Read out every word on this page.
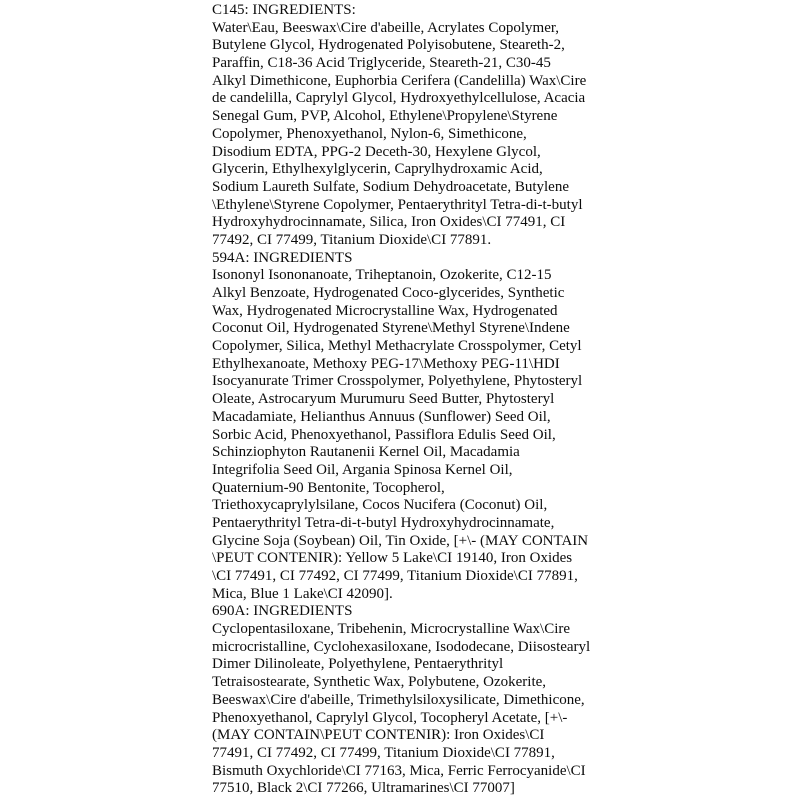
C145: INGREDIENTS:
Water\Eau, Beeswax\Cire d'abeille, Acrylates Copolymer,
Butylene Glycol, Hydrogenated Polyisobutene, Steareth-2,
Paraffin, C18-36 Acid Triglyceride, Steareth-21, C30-45
Alkyl Dimethicone, Euphorbia Cerifera (Candelilla) Wax\Cire
de candelilla, Caprylyl Glycol, Hydroxyethylcellulose, Acacia
Senegal Gum, PVP, Alcohol, Ethylene\Propylene\Styrene
Copolymer, Phenoxyethanol, Nylon-6, Simethicone,
Disodium EDTA, PPG-2 Deceth-30, Hexylene Glycol,
Glycerin, Ethylhexylglycerin, Caprylhydroxamic Acid,
Sodium Laureth Sulfate, Sodium Dehydroacetate, Butylene
\Ethylene\Styrene Copolymer, Pentaerythrityl Tetra-di-t-butyl
Hydroxyhydrocinnamate, Silica, Iron Oxides\CI 77491, CI
77492, CI 77499, Titanium Dioxide\CI 77891.
594A: INGREDIENTS
Isononyl Isononanoate, Triheptanoin, Ozokerite, C12-15
Alkyl Benzoate, Hydrogenated Coco-glycerides, Synthetic
Wax, Hydrogenated Microcrystalline Wax, Hydrogenated
Coconut Oil, Hydrogenated Styrene\Methyl Styrene\Indene
Copolymer, Silica, Methyl Methacrylate Crosspolymer, Cetyl
Ethylhexanoate, Methoxy PEG-17\Methoxy PEG-11\HDI
Isocyanurate Trimer Crosspolymer, Polyethylene, Phytosteryl
Oleate, Astrocaryum Murumuru Seed Butter, Phytosteryl
Macadamiate, Helianthus Annuus (Sunflower) Seed Oil,
Sorbic Acid, Phenoxyethanol, Passiflora Edulis Seed Oil,
Schinziophyton Rautanenii Kernel Oil, Macadamia
Integrifolia Seed Oil, Argania Spinosa Kernel Oil,
Quaternium-90 Bentonite, Tocopherol,
Triethoxycaprylylsilane, Cocos Nucifera (Coconut) Oil,
Pentaerythrityl Tetra-di-t-butyl Hydroxyhydrocinnamate,
Glycine Soja (Soybean) Oil, Tin Oxide, [+\- (MAY CONTAIN
\PEUT CONTENIR): Yellow 5 Lake\CI 19140, Iron Oxides
\CI 77491, CI 77492, CI 77499, Titanium Dioxide\CI 77891,
Mica, Blue 1 Lake\CI 42090].
690A: INGREDIENTS
Cyclopentasiloxane, Tribehenin, Microcrystalline Wax\Cire
microcristalline, Cyclohexasiloxane, Isododecane, Diisostearyl
Dimer Dilinoleate, Polyethylene, Pentaerythrityl
Tetraisostearate, Synthetic Wax, Polybutene, Ozokerite,
Beeswax\Cire d'abeille, Trimethylsiloxysilicate, Dimethicone,
Phenoxyethanol, Caprylyl Glycol, Tocopheryl Acetate, [+\-
(MAY CONTAIN\PEUT CONTENIR): Iron Oxides\CI
77491, CI 77492, CI 77499, Titanium Dioxide\CI 77891,
Bismuth Oxychloride\CI 77163, Mica, Ferric Ferrocyanide\CI
77510, Black 2\CI 77266, Ultramarines\CI 77007]
